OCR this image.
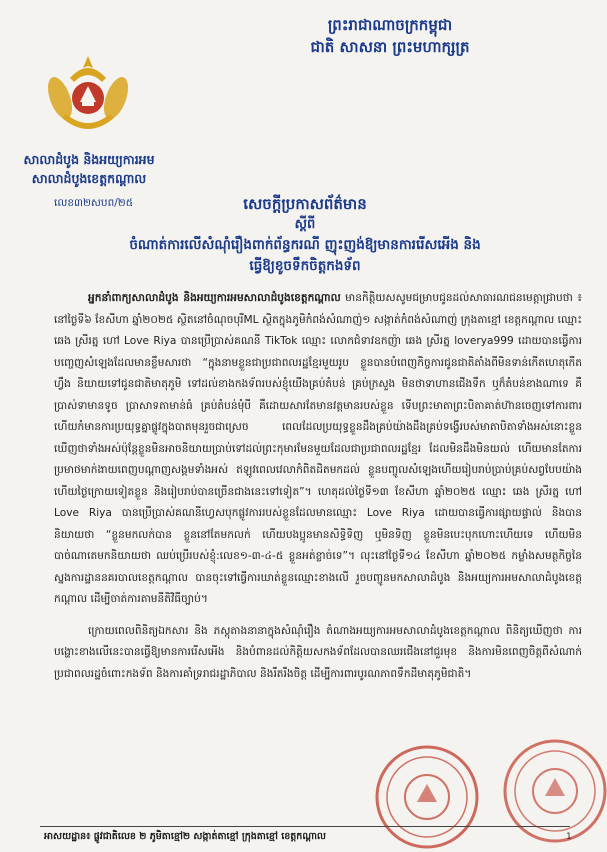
ព្រះរាជាណាចក្រកម្ពុជា
ជាតិ សាសនា ព្រះមហាក្សត្រ
សាលាដំបូង និងអយ្យការអម
សាលាដំបូងខេត្តកណ្តាល
លេខ៣២សបព/២៥	សេចក្តីប្រកាសព័ត៌មាន
ស្តីពី
ចំណាត់ការលើសំណុំរឿងពាក់ព័ន្ធករណី ញុះញង់ឱ្យមានការរើសអើង និង
ធ្វើឱ្យខូចទឹកចិត្តកងទ័ព

អ្នកនាំពាក្យសាលាដំបូង និងអយ្យការអមសាលាដំបូងខេត្តកណ្តាល មានកិត្តិយសសូមជម្រាបជូនដល់សាធារណជនមេត្តាជ្រាបថា ៖ នៅថ្ងៃទី៦ ខែសីហា ឆ្នាំ២០២៥ ស្ថិតនៅចំណុចបុរីML ស្ថិតក្នុងភូមិកំពង់សំណាញ់១ សង្កាត់កំពង់សំណាញ់ ក្រុងតាខ្មៅ ខេត្តកណ្តាល ឈ្មោះ ឆេង ស្រីរត្ន ហៅ Love Riya បានប្រើប្រាស់គណនី TikTok ឈ្មោះ លោកជំទាវឧកញ៉ា ឆេង ស្រីរត្ន loverya999 ដោយបានធ្វើការបញ្ចេញសំឡេងដែលមានខ្លឹមសារថា “ក្នុងនាមខ្លួនជាប្រជាពលរដ្ឋខ្មែរមួយរូប ខ្លួនបានបំពេញកិច្ចការជូនជាតិតាំងពីមិនទាន់កើតហេតុកើតហ្វឹង និយាយទៅជូនជាតិមាតុភូមិ ទៅដល់ខាងកងទ័ពរបស់ខ្ញុំយើងគ្រប់តំបន់ គ្រប់ក្រសួង មិនថាទាហានជើងទឹក ឬក៏តំបន់ខាងណាទេ គឺប្រាស់ទាមានទូច ប្រាសាទតាមាន់ធំ គ្រប់តំបន់មុំបី គឺដោយសារតែមានវត្តមានរបស់ខ្លួន ទើបព្រះមាតាព្រះបិតាគាត់ហ៊ានចេញទៅការពារ ហើយកំមានការប្រយុទ្ធគ្នាផ្លូវក្នុងបាតមុនរួចជាស្រេច ពេលដែលប្រយុទ្ធខ្លួនដឹងគ្រប់យ៉ាងដឹងគ្រប់ទង្វើរបស់មាតាបិតាទាំងអស់នោះខ្លួនឃើញថាទាំងអស់ប៉ុន្តែខ្លួនមិនអាចនិយាយប្រាប់ទៅដល់ព្រះកុមារមែនមួយដែលជាប្រជាពលរដ្ឋខ្មែរ ដែលមិនដឹងមិនយល់ ហើយមានតែការប្រមាថមាក់ងាយពេញបណ្តាញសង្គមទាំងអស់ ឥឡូវពេលវេលាកំពិតដិតមកដល់ ខ្លួនបញ្ចូលសំឡេងហើយរៀបរាប់ប្រាប់គ្រប់សព្វបែបយ៉ាង ហើយថ្ងៃក្រោយទៀតខ្លួន និងរៀបរាប់បានច្រើនជាងនេះទៅទៀត”។ ហេតុដល់ថ្ងៃទី១៣ ខែសីហា ឆ្នាំ២០២៥ ឈ្មោះ ឆេង ស្រីរត្ន ហៅ Love Riya បានប្រើប្រាស់គណនីហ្វេសបុកផ្លូវការរបស់ខ្លួនដែលមានឈ្មោះ Love Riya ដោយបានធ្វើការផ្សាយផ្ទាល់ និងបាននិយាយថា “ខ្លួនមកលក់បាន ខ្លួននៅតែមកលក់ ហើយបងប្អូនមានសិទ្ធិទិញ ឬមិនទិញ ខ្លួនមិនបេះបុកហោះហើយទេ ហើយមិនបាច់ណាតេមកនិយាយថា ឈប់ប្រើរបស់ខ្ញុំ:លេខ១-៣-៤-៥ ខ្លួនអត់ខ្លាច់ទេ”។ លុះនៅថ្ងៃទី១៤ ខែសីហា ឆ្នាំ២០២៥ កម្លាំងសមត្ថកិច្ចនៃស្នងការដ្ឋាននគរបាលខេត្តកណ្តាល បានចុះទៅធ្វើការឃាត់ខ្លួនឈ្មោះខាងលើ រួចបញ្ជូនមកសាលាដំបូង និងអយ្យការអមសាលាដំបូងខេត្តកណ្តាល ដើម្បីចាត់ការតាមនីតិវិធីច្បាប់។

ក្រោយពេលពិនិត្យឯកសារ និង ភស្តុតាងនានាក្នុងសំណុំរឿង តំណាងអយ្យការអមសាលាដំបូងខេត្តកណ្តាល ពិនិត្យឃើញថា ការបង្ហោះខាងលើនេះបានធ្វើឱ្យមានការរើសអើង និងបំពានដល់កិត្តិយសកងទ័ពដែលបានឈរជើងនៅជួរមុខ និងការមិនពេញចិត្តពីសំណាក់ប្រជាពលរដ្ឋចំពោះកងទ័ព និងការគាំទ្ររាជរដ្ឋាភិបាល និងរឹតរឹងចិត្ត ដើម្បីការពារបូរណភាពទឹកដីមាតុភូមិជាតិ។

អាសយដ្ឋាន៖ ផ្លូវជាតិលេខ ២ ភូមិតាខ្មៅ២ សង្កាត់តាខ្មៅ ក្រុងតាខ្មៅ ខេត្តកណ្តាល	1
